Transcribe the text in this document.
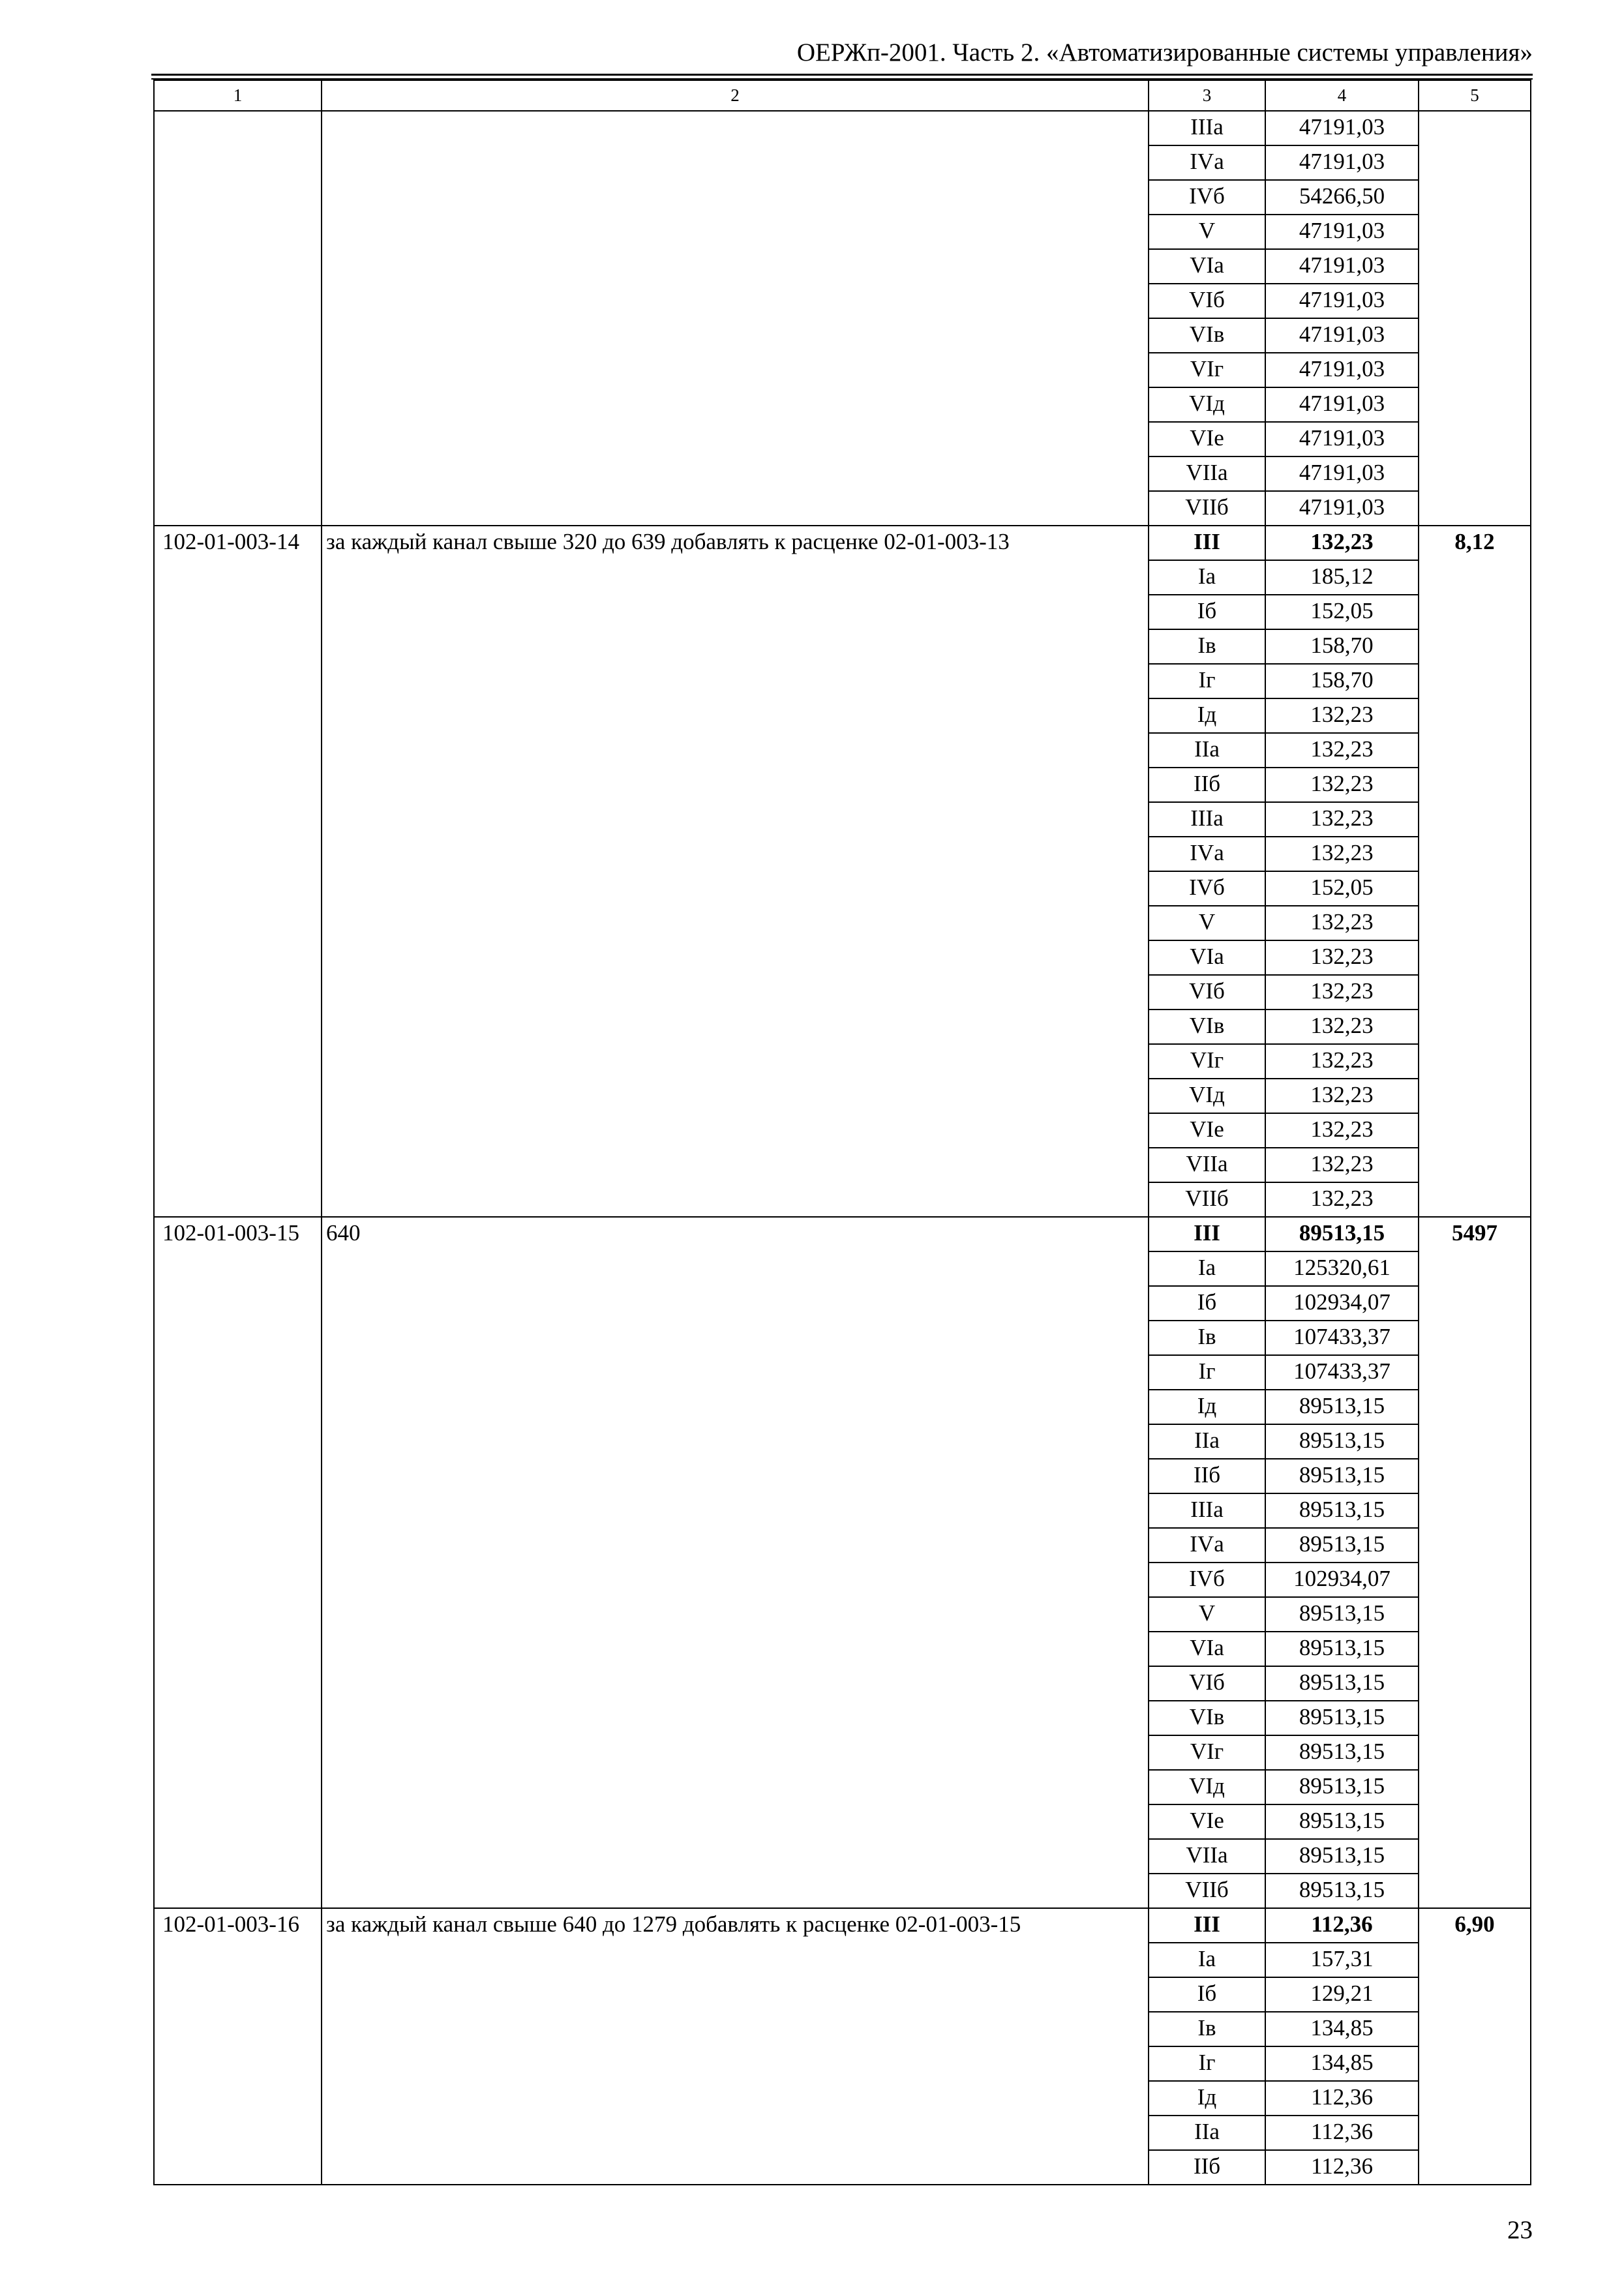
ОЕРЖп-2001. Часть 2. «Автоматизированные системы управления»
1	2	3	4	5
		IIIа	47191,03	
		IVа	47191,03	
		IVб	54266,50	
		V	47191,03	
		VIа	47191,03	
		VIб	47191,03	
		VIв	47191,03	
		VIг	47191,03	
		VIд	47191,03	
		VIе	47191,03	
		VIIа	47191,03	
		VIIб	47191,03	
102-01-003-14	за каждый канал свыше 320 до 639 добавлять к расценке 02-01-003-13	III	132,23	8,12
		Iа	185,12	
		Iб	152,05	
		Iв	158,70	
		Iг	158,70	
		Iд	132,23	
		IIа	132,23	
		IIб	132,23	
		IIIа	132,23	
		IVа	132,23	
		IVб	152,05	
		V	132,23	
		VIа	132,23	
		VIб	132,23	
		VIв	132,23	
		VIг	132,23	
		VIд	132,23	
		VIе	132,23	
		VIIа	132,23	
		VIIб	132,23	
102-01-003-15	640	III	89513,15	5497
		Iа	125320,61	
		Iб	102934,07	
		Iв	107433,37	
		Iг	107433,37	
		Iд	89513,15	
		IIа	89513,15	
		IIб	89513,15	
		IIIа	89513,15	
		IVа	89513,15	
		IVб	102934,07	
		V	89513,15	
		VIа	89513,15	
		VIб	89513,15	
		VIв	89513,15	
		VIг	89513,15	
		VIд	89513,15	
		VIе	89513,15	
		VIIа	89513,15	
		VIIб	89513,15	
102-01-003-16	за каждый канал свыше 640 до 1279 добавлять к расценке 02-01-003-15	III	112,36	6,90
		Iа	157,31	
		Iб	129,21	
		Iв	134,85	
		Iг	134,85	
		Iд	112,36	
		IIа	112,36	
		IIб	112,36	
23
